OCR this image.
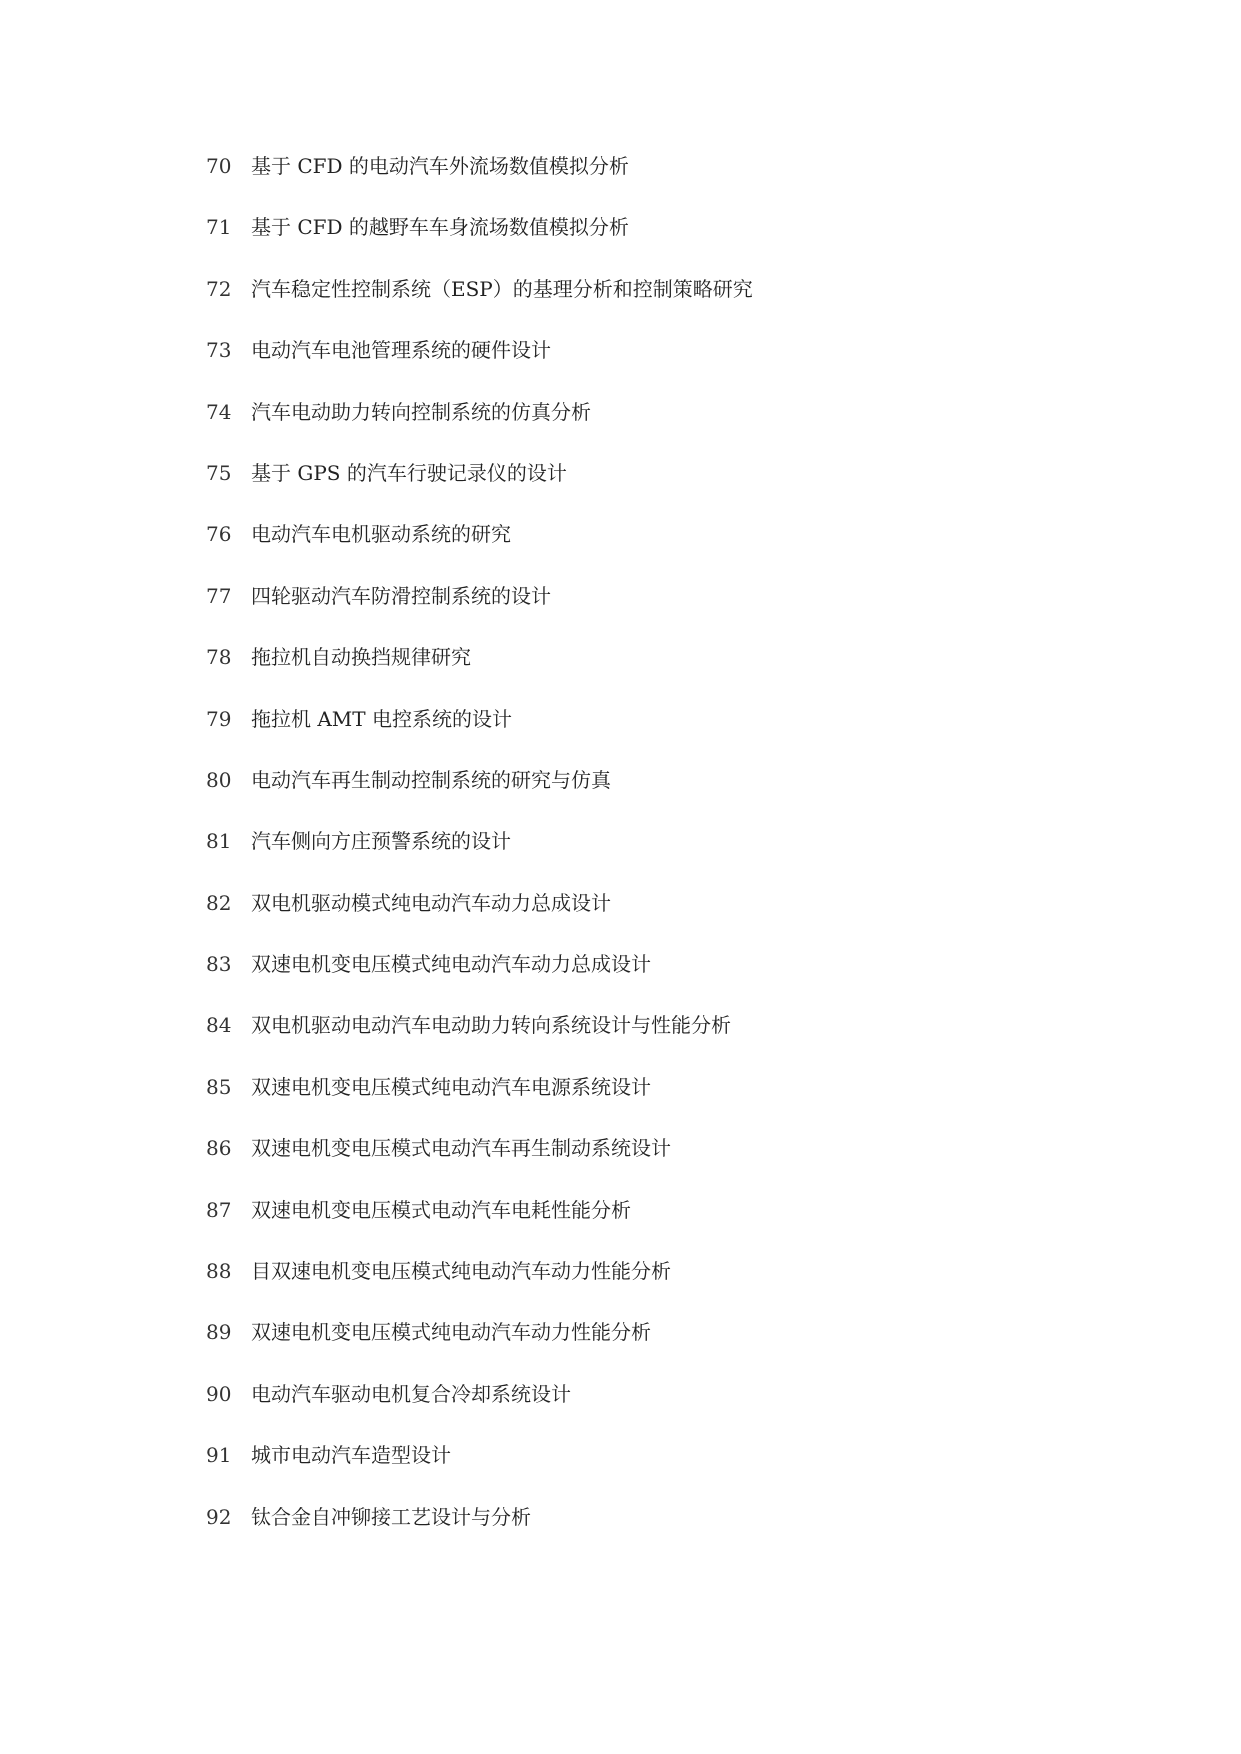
70 基于 CFD 的电动汽车外流场数值模拟分析
71 基于 CFD 的越野车车身流场数值模拟分析
72 汽车稳定性控制系统（ESP）的基理分析和控制策略研究
73 电动汽车电池管理系统的硬件设计
74 汽车电动助力转向控制系统的仿真分析
75 基于 GPS 的汽车行驶记录仪的设计
76 电动汽车电机驱动系统的研究
77 四轮驱动汽车防滑控制系统的设计
78 拖拉机自动换挡规律研究
79 拖拉机 AMT 电控系统的设计
80 电动汽车再生制动控制系统的研究与仿真
81 汽车侧向方庄预警系统的设计
82 双电机驱动模式纯电动汽车动力总成设计
83 双速电机变电压模式纯电动汽车动力总成设计
84 双电机驱动电动汽车电动助力转向系统设计与性能分析
85 双速电机变电压模式纯电动汽车电源系统设计
86 双速电机变电压模式电动汽车再生制动系统设计
87 双速电机变电压模式电动汽车电耗性能分析
88 目双速电机变电压模式纯电动汽车动力性能分析
89 双速电机变电压模式纯电动汽车动力性能分析
90 电动汽车驱动电机复合冷却系统设计
91 城市电动汽车造型设计
92 钛合金自冲铆接工艺设计与分析
